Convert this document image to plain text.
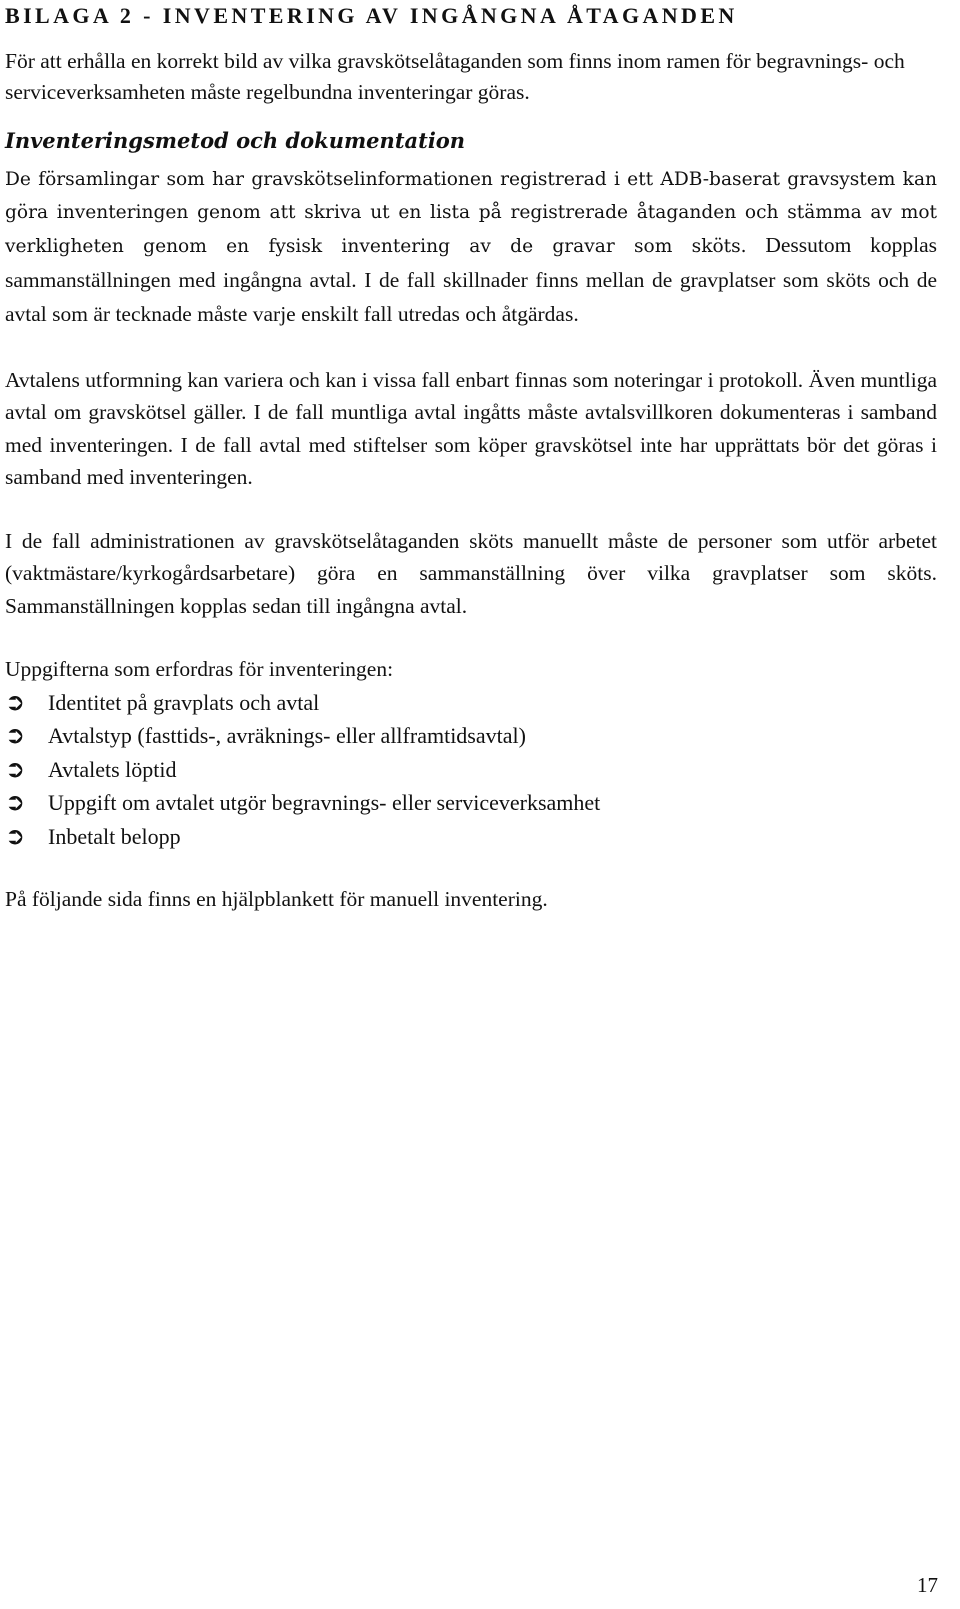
BILAGA 2 - INVENTERING AV INGÅNGNA ÅTAGANDEN

För att erhålla en korrekt bild av vilka gravskötselåtaganden som finns inom ramen för begravnings- och serviceverksamheten måste regelbundna inventeringar göras.

Inventeringsmetod och dokumentation

De församlingar som har gravskötselinformationen registrerad i ett ADB-baserat gravsystem kan göra inventeringen genom att skriva ut en lista på registrerade åtaganden och stämma av mot verkligheten genom en fysisk inventering av de gravar som sköts. Dessutom kopplas sammanställningen med ingångna avtal. I de fall skillnader finns mellan de gravplatser som sköts och de avtal som är tecknade måste varje enskilt fall utredas och åtgärdas.

Avtalens utformning kan variera och kan i vissa fall enbart finnas som noteringar i protokoll. Även muntliga avtal om gravskötsel gäller. I de fall muntliga avtal ingåtts måste avtalsvillkoren dokumenteras i samband med inventeringen. I de fall avtal med stiftelser som köper gravskötsel inte har upprättats bör det göras i samband med inventeringen.

I de fall administrationen av gravskötselåtaganden sköts manuellt måste de personer som utför arbetet (vaktmästare/kyrkogårdsarbetare) göra en sammanställning över vilka gravplatser som sköts. Sammanställningen kopplas sedan till ingångna avtal.

Uppgifterna som erfordras för inventeringen:

➲	Identitet på gravplats och avtal
➲	Avtalstyp (fasttids-, avräknings- eller allframtidsavtal)
➲	Avtalets löptid
➲	Uppgift om avtalet utgör begravnings- eller serviceverksamhet
➲	Inbetalt belopp

På följande sida finns en hjälpblankett för manuell inventering.

17
